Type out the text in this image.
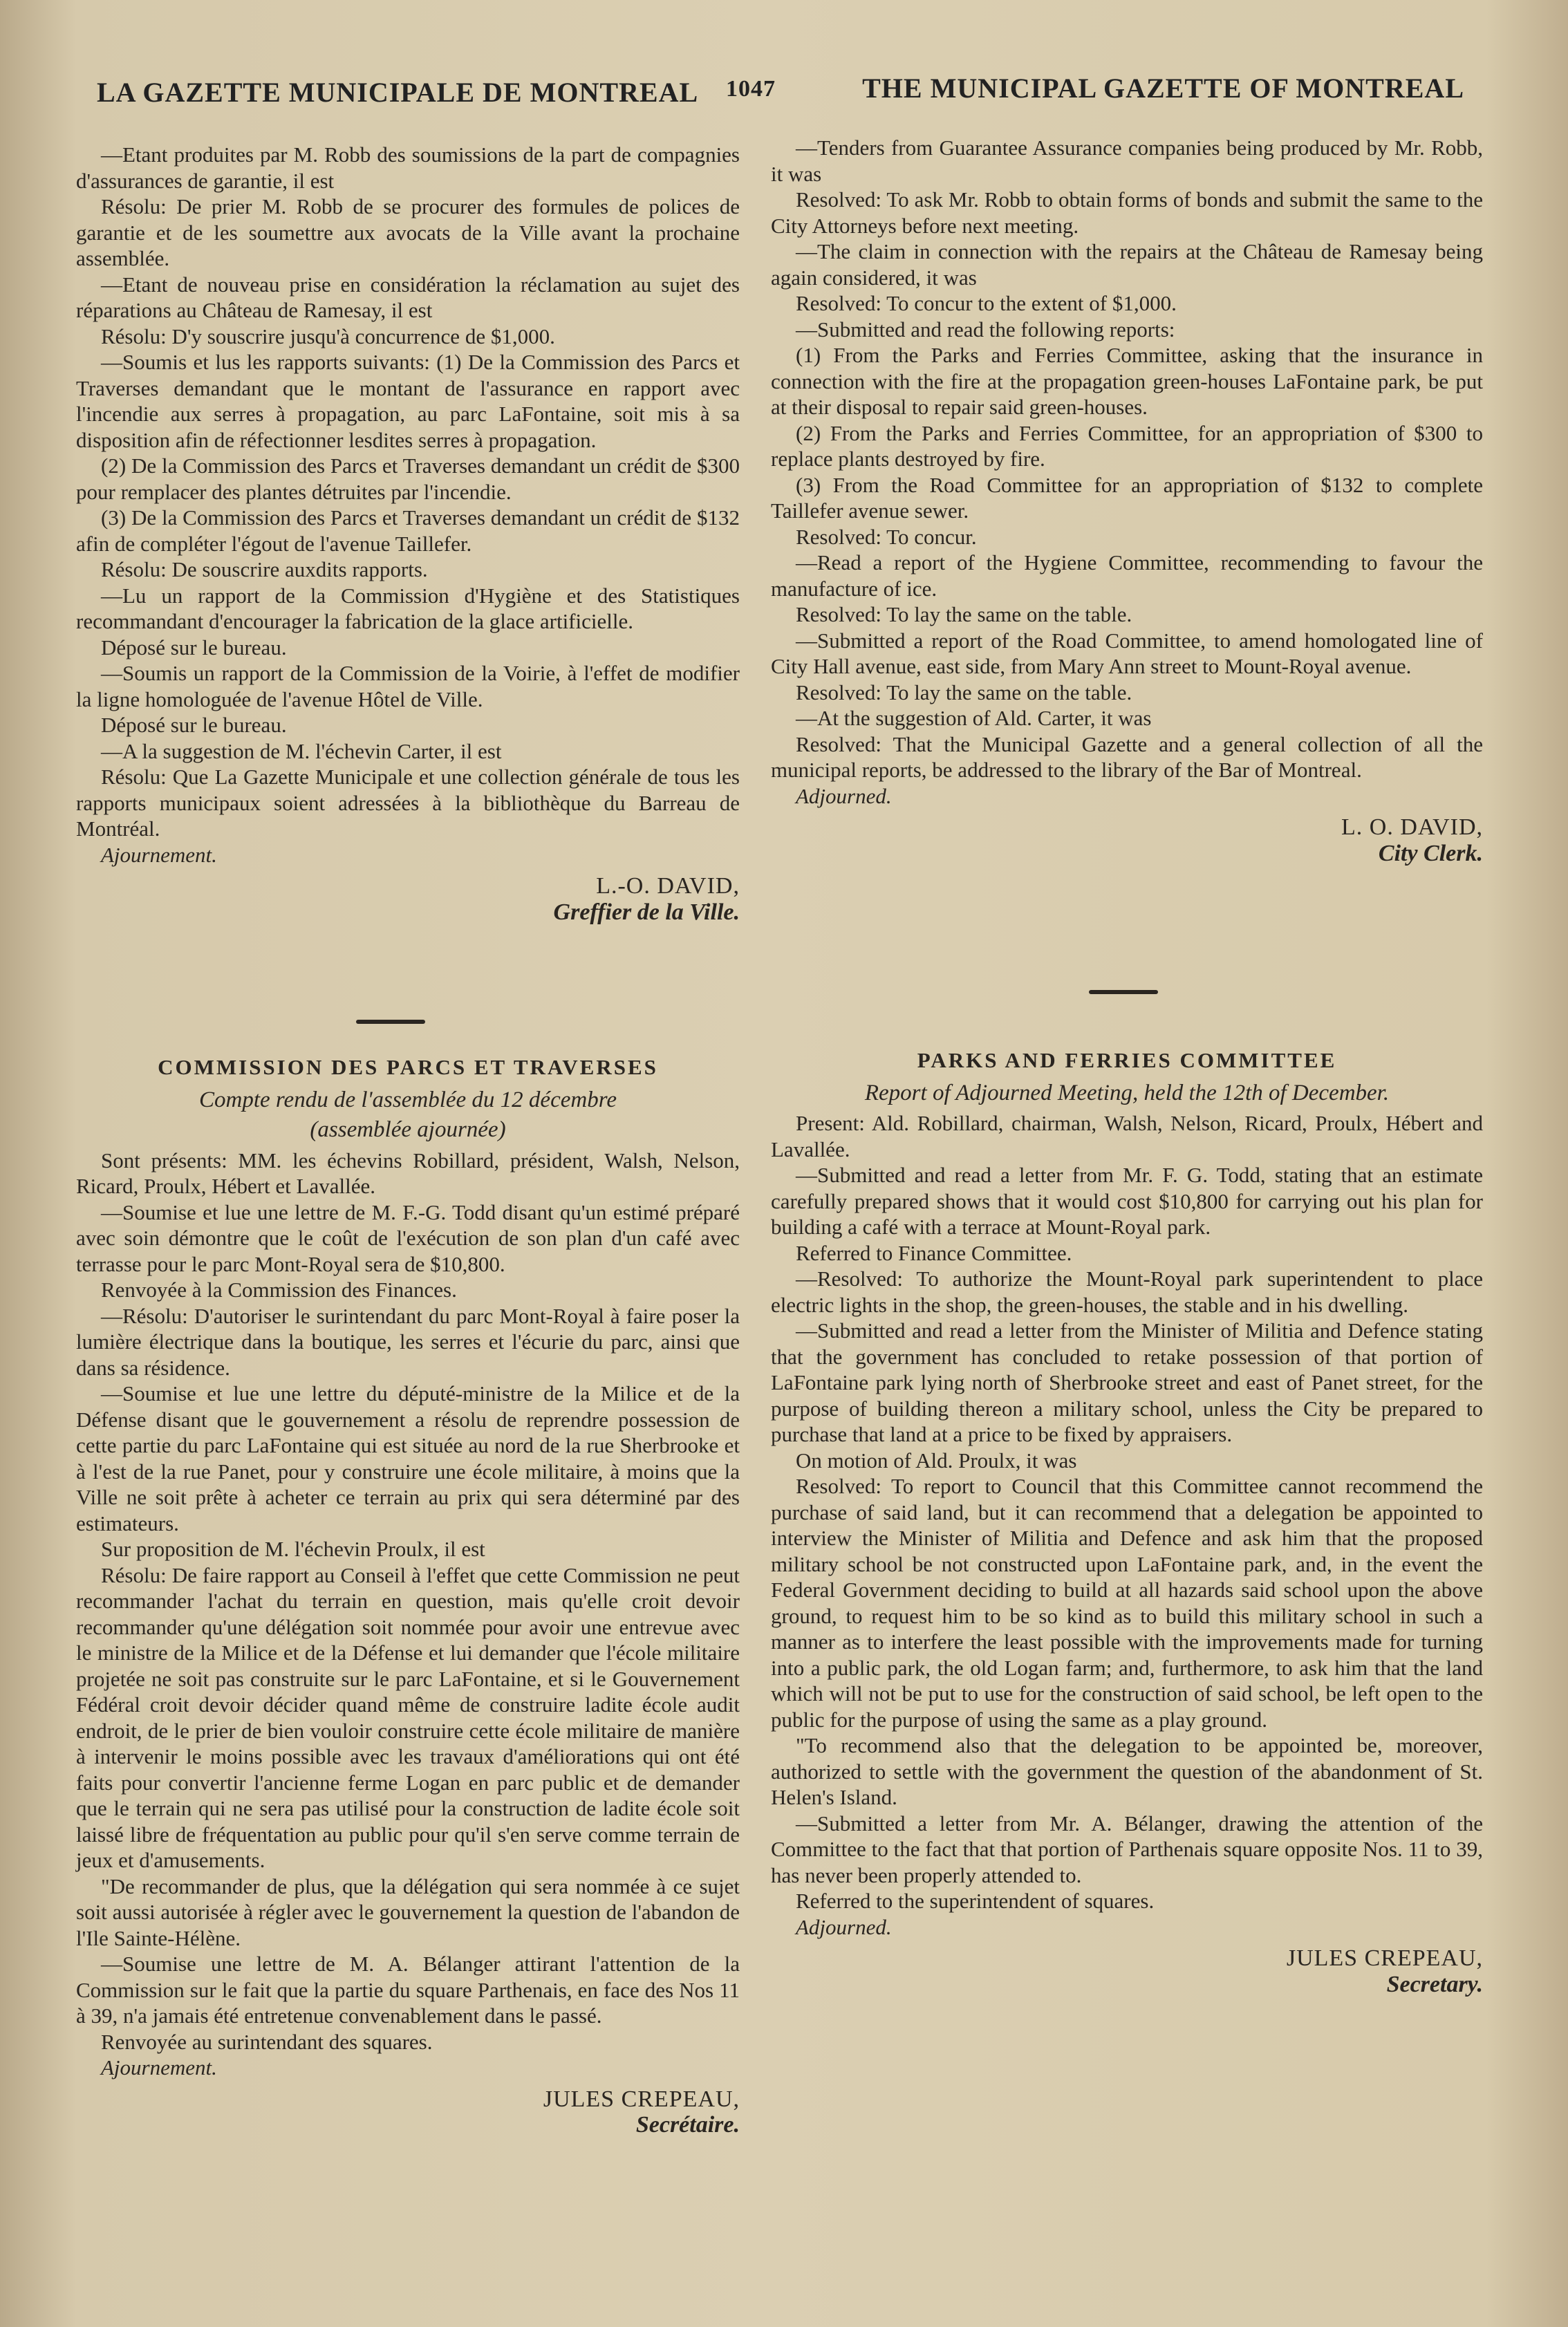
LA GAZETTE MUNICIPALE DE MONTREAL 1047	THE MUNICIPAL GAZETTE OF MONTREAL

—Etant produites par M. Robb des soumissions de la part de compagnies d'assurances de garantie, il est

Résolu: De prier M. Robb de se procurer des formules de polices de garantie et de les soumettre aux avocats de la Ville avant la prochaine assemblée.

—Etant de nouveau prise en considération la réclamation au sujet des réparations au Château de Ramesay, il est

Résolu: D'y souscrire jusqu'à concurrence de $1,000.

—Soumis et lus les rapports suivants: (1) De la Commission des Parcs et Traverses demandant que le montant de l'assurance en rapport avec l'incendie aux serres à propagation, au parc LaFontaine, soit mis à sa disposition afin de réfectionner lesdites serres à propagation.

(2) De la Commission des Parcs et Traverses demandant un crédit de $300 pour remplacer des plantes détruites par l'incendie.

(3) De la Commission des Parcs et Traverses demandant un crédit de $132 afin de compléter l'égout de l'avenue Taillefer.

Résolu: De souscrire auxdits rapports.

—Lu un rapport de la Commission d'Hygiène et des Statistiques recommandant d'encourager la fabrication de la glace artificielle.

Déposé sur le bureau.

—Soumis un rapport de la Commission de la Voirie, à l'effet de modifier la ligne homologuée de l'avenue Hôtel de Ville.

Déposé sur le bureau.

—A la suggestion de M. l'échevin Carter, il est

Résolu: Que La Gazette Municipale et une collection générale de tous les rapports municipaux soient adressées à la bibliothèque du Barreau de Montréal.

Ajournement.

L.-O. DAVID,
Greffier de la Ville.

—Tenders from Guarantee Assurance companies being produced by Mr. Robb, it was

Resolved: To ask Mr. Robb to obtain forms of bonds and submit the same to the City Attorneys before next meeting.

—The claim in connection with the repairs at the Château de Ramesay being again considered, it was

Resolved: To concur to the extent of $1,000.

—Submitted and read the following reports:

(1) From the Parks and Ferries Committee, asking that the insurance in connection with the fire at the propagation green-houses LaFontaine park, be put at their disposal to repair said green-houses.

(2) From the Parks and Ferries Committee, for an appropriation of $300 to replace plants destroyed by fire.

(3) From the Road Committee for an appropriation of $132 to complete Taillefer avenue sewer.

Resolved: To concur.

—Read a report of the Hygiene Committee, recommending to favour the manufacture of ice.

Resolved: To lay the same on the table.

—Submitted a report of the Road Committee, to amend homologated line of City Hall avenue, east side, from Mary Ann street to Mount-Royal avenue.

Resolved: To lay the same on the table.

—At the suggestion of Ald. Carter, it was

Resolved: That the Municipal Gazette and a general collection of all the municipal reports, be addressed to the library of the Bar of Montreal.

Adjourned.

L. O. DAVID,
City Clerk.
COMMISSION DES PARCS ET TRAVERSES
Compte rendu de l'assemblée du 12 décembre
(assemblée ajournée)

Sont présents: MM. les échevins Robillard, président, Walsh, Nelson, Ricard, Proulx, Hébert et Lavallée.

—Soumise et lue une lettre de M. F.-G. Todd disant qu'un estimé préparé avec soin démontre que le coût de l'exécution de son plan d'un café avec terrasse pour le parc Mont-Royal sera de $10,800.

Renvoyée à la Commission des Finances.

—Résolu: D'autoriser le surintendant du parc Mont-Royal à faire poser la lumière électrique dans la boutique, les serres et l'écurie du parc, ainsi que dans sa résidence.

—Soumise et lue une lettre du député-ministre de la Milice et de la Défense disant que le gouvernement a résolu de reprendre possession de cette partie du parc LaFontaine qui est située au nord de la rue Sherbrooke et à l'est de la rue Panet, pour y construire une école militaire, à moins que la Ville ne soit prête à acheter ce terrain au prix qui sera déterminé par des estimateurs.

Sur proposition de M. l'échevin Proulx, il est

Résolu: De faire rapport au Conseil à l'effet que cette Commission ne peut recommander l'achat du terrain en question, mais qu'elle croit devoir recommander qu'une délégation soit nommée pour avoir une entrevue avec le ministre de la Milice et de la Défense et lui demander que l'école militaire projetée ne soit pas construite sur le parc LaFontaine, et si le Gouvernement Fédéral croit devoir décider quand même de construire ladite école audit endroit, de le prier de bien vouloir construire cette école militaire de manière à intervenir le moins possible avec les travaux d'améliorations qui ont été faits pour convertir l'ancienne ferme Logan en parc public et de demander que le terrain qui ne sera pas utilisé pour la construction de ladite école soit laissé libre de fréquentation au public pour qu'il s'en serve comme terrain de jeux et d'amusements.

"De recommander de plus, que la délégation qui sera nommée à ce sujet soit aussi autorisée à régler avec le gouvernement la question de l'abandon de l'Ile Sainte-Hélène.

—Soumise une lettre de M. A. Bélanger attirant l'attention de la Commission sur le fait que la partie du square Parthenais, en face des Nos 11 à 39, n'a jamais été entretenue convenablement dans le passé.

Renvoyée au surintendant des squares.

Ajournement.

JULES CREPEAU,
Secrétaire.
PARKS AND FERRIES COMMITTEE
Report of Adjourned Meeting, held the 12th of December.

Present: Ald. Robillard, chairman, Walsh, Nelson, Ricard, Proulx, Hébert and Lavallée.

—Submitted and read a letter from Mr. F. G. Todd, stating that an estimate carefully prepared shows that it would cost $10,800 for carrying out his plan for building a café with a terrace at Mount-Royal park.

Referred to Finance Committee.

—Resolved: To authorize the Mount-Royal park superintendent to place electric lights in the shop, the green-houses, the stable and in his dwelling.

—Submitted and read a letter from the Minister of Militia and Defence stating that the government has concluded to retake possession of that portion of LaFontaine park lying north of Sherbrooke street and east of Panet street, for the purpose of building thereon a military school, unless the City be prepared to purchase that land at a price to be fixed by appraisers.

On motion of Ald. Proulx, it was

Resolved: To report to Council that this Committee cannot recommend the purchase of said land, but it can recommend that a delegation be appointed to interview the Minister of Militia and Defence and ask him that the proposed military school be not constructed upon LaFontaine park, and, in the event the Federal Government deciding to build at all hazards said school upon the above ground, to request him to be so kind as to build this military school in such a manner as to interfere the least possible with the improvements made for turning into a public park, the old Logan farm; and, furthermore, to ask him that the land which will not be put to use for the construction of said school, be left open to the public for the purpose of using the same as a play ground.

"To recommend also that the delegation to be appointed be, moreover, authorized to settle with the government the question of the abandonment of St. Helen's Island.

—Submitted a letter from Mr. A. Bélanger, drawing the attention of the Committee to the fact that that portion of Parthenais square opposite Nos. 11 to 39, has never been properly attended to.

Referred to the superintendent of squares.

Adjourned.

JULES CREPEAU,
Secretary.
